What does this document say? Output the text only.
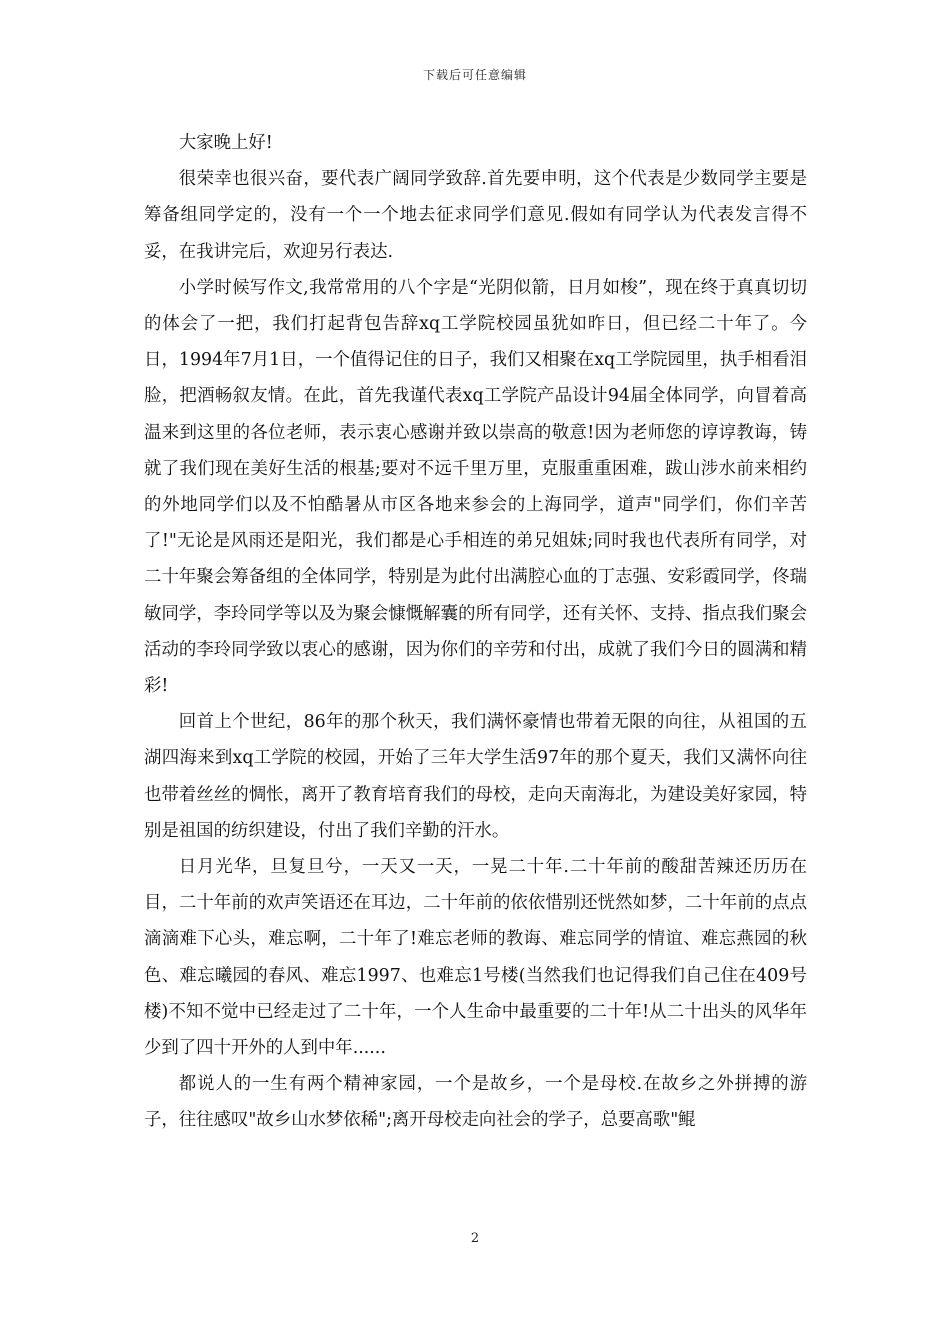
下载后可任意编辑

大家晚上好!

很荣幸也很兴奋，要代表广阔同学致辞.首先要申明，这个代表是少数同学主要是筹备组同学定的，没有一个一个地去征求同学们意见.假如有同学认为代表发言得不妥，在我讲完后，欢迎另行表达.

小学时候写作文,我常常用的八个字是“光阴似箭，日月如梭”，现在终于真真切切的体会了一把，我们打起背包告辞xq工学院校园虽犹如昨日，但已经二十年了。今日，1994年7月1日，一个值得记住的日子，我们又相聚在xq工学院园里，执手相看泪脸，把酒畅叙友情。在此，首先我谨代表xq工学院产品设计94届全体同学，向冒着高温来到这里的各位老师，表示衷心感谢并致以崇高的敬意!因为老师您的谆谆教诲，铸就了我们现在美好生活的根基;要对不远千里万里，克服重重困难，跋山涉水前来相约的外地同学们以及不怕酷暑从市区各地来参会的上海同学，道声"同学们，你们辛苦了!"无论是风雨还是阳光，我们都是心手相连的弟兄姐妹;同时我也代表所有同学，对二十年聚会筹备组的全体同学，特别是为此付出满腔心血的丁志强、安彩霞同学，佟瑞敏同学，李玲同学等以及为聚会慷慨解囊的所有同学，还有关怀、支持、指点我们聚会活动的李玲同学致以衷心的感谢，因为你们的辛劳和付出，成就了我们今日的圆满和精彩!

回首上个世纪，86年的那个秋天，我们满怀豪情也带着无限的向往，从祖国的五湖四海来到xq工学院的校园，开始了三年大学生活97年的那个夏天，我们又满怀向往也带着丝丝的惆怅，离开了教育培育我们的母校，走向天南海北，为建设美好家园，特别是祖国的纺织建设，付出了我们辛勤的汗水。

日月光华，旦复旦兮，一天又一天，一晃二十年.二十年前的酸甜苦辣还历历在目，二十年前的欢声笑语还在耳边，二十年前的依依惜别还恍然如梦，二十年前的点点滴滴难下心头，难忘啊，二十年了!难忘老师的教诲、难忘同学的情谊、难忘燕园的秋色、难忘曦园的春风、难忘1997、也难忘1号楼(当然我们也记得我们自己住在409号楼)不知不觉中已经走过了二十年，一个人生命中最重要的二十年!从二十出头的风华年少到了四十开外的人到中年......

都说人的一生有两个精神家园，一个是故乡，一个是母校.在故乡之外拼搏的游子，往往感叹"故乡山水梦依稀";离开母校走向社会的学子，总要高歌"鲲

2
